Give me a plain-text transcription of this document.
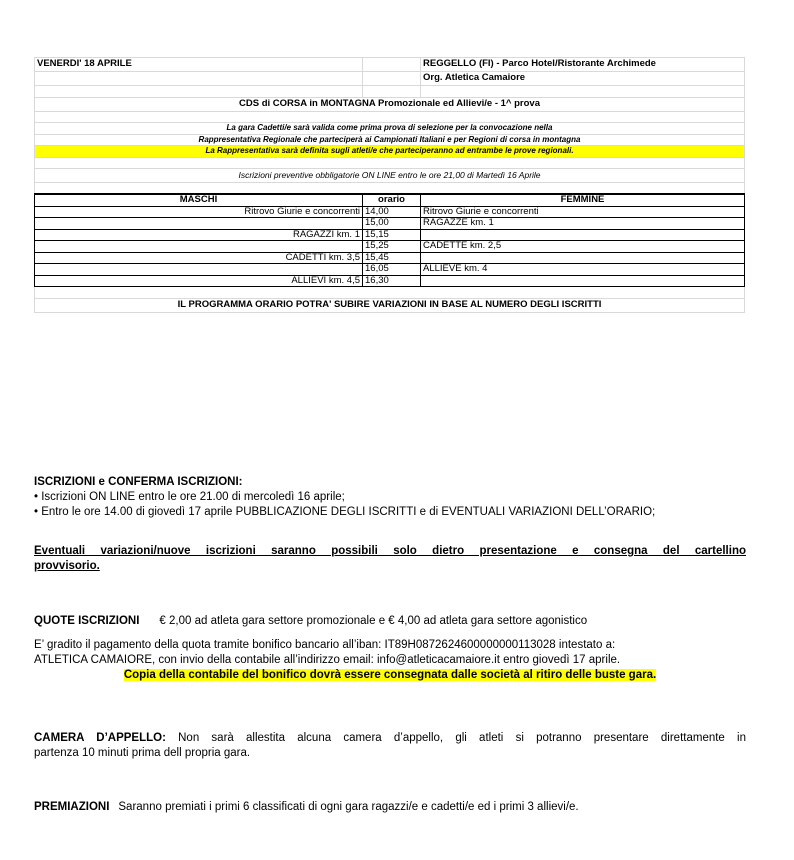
VENERDI' 18 APRILE		REGGELLO (FI) - Parco Hotel/Ristorante Archimede
		Org. Atletica Camaiore

CDS di CORSA in MONTAGNA Promozionale ed Allievi/e - 1^ prova		

La gara Cadetti/e sarà valida come prima prova di selezione per la convocazione nella		
Rappresentativa Regionale che parteciperà ai Campionati Italiani e per Regioni di corsa in montagna		
La Rappresentativa sarà definita sugli atleti/e che parteciperanno ad entrambe le prove regionali.		

Iscrizioni preventive obbligatorie ON LINE entro le ore 21,00 di Martedì 16 Aprile		

MASCHI	orario	FEMMINE
Ritrovo Giurie e concorrenti	14,00	Ritrovo Giurie e concorrenti
	15,00	RAGAZZE km. 1
RAGAZZI km. 1	15,15	
	15,25	CADETTE km. 2,5
CADETTI km. 3,5	15,45	
	16,05	ALLIEVE km. 4
ALLIEVI km. 4,5	16,30	

IL PROGRAMMA ORARIO POTRA' SUBIRE VARIAZIONI IN BASE AL NUMERO DEGLI ISCRITTI		
ISCRIZIONI e CONFERMA ISCRIZIONI:
• Iscrizioni ON LINE entro le ore 21.00 di mercoledì 16 aprile;
• Entro le ore 14.00 di giovedì 17 aprile PUBBLICAZIONE DEGLI ISCRITTI e di EVENTUALI VARIAZIONI DELL’ORARIO;
Eventuali variazioni/nuove iscrizioni saranno possibili solo dietro presentazione e consegna del cartellino
provvisorio.
QUOTE ISCRIZIONI € 2,00 ad atleta gara settore promozionale e € 4,00 ad atleta gara settore agonistico
E’ gradito il pagamento della quota tramite bonifico bancario all’iban: IT89H0872624600000000113028 intestato a:
ATLETICA CAMAIORE, con invio della contabile all’indirizzo email: info@atleticacamaiore.it entro giovedì 17 aprile.
Copia della contabile del bonifico dovrà essere consegnata dalle società al ritiro delle buste gara.
CAMERA D’APPELLO: Non sarà allestita alcuna camera d’appello, gli atleti si potranno presentare direttamente in
partenza 10 minuti prima dell propria gara.
PREMIAZIONI Saranno premiati i primi 6 classificati di ogni gara ragazzi/e e cadetti/e ed i primi 3 allievi/e.
